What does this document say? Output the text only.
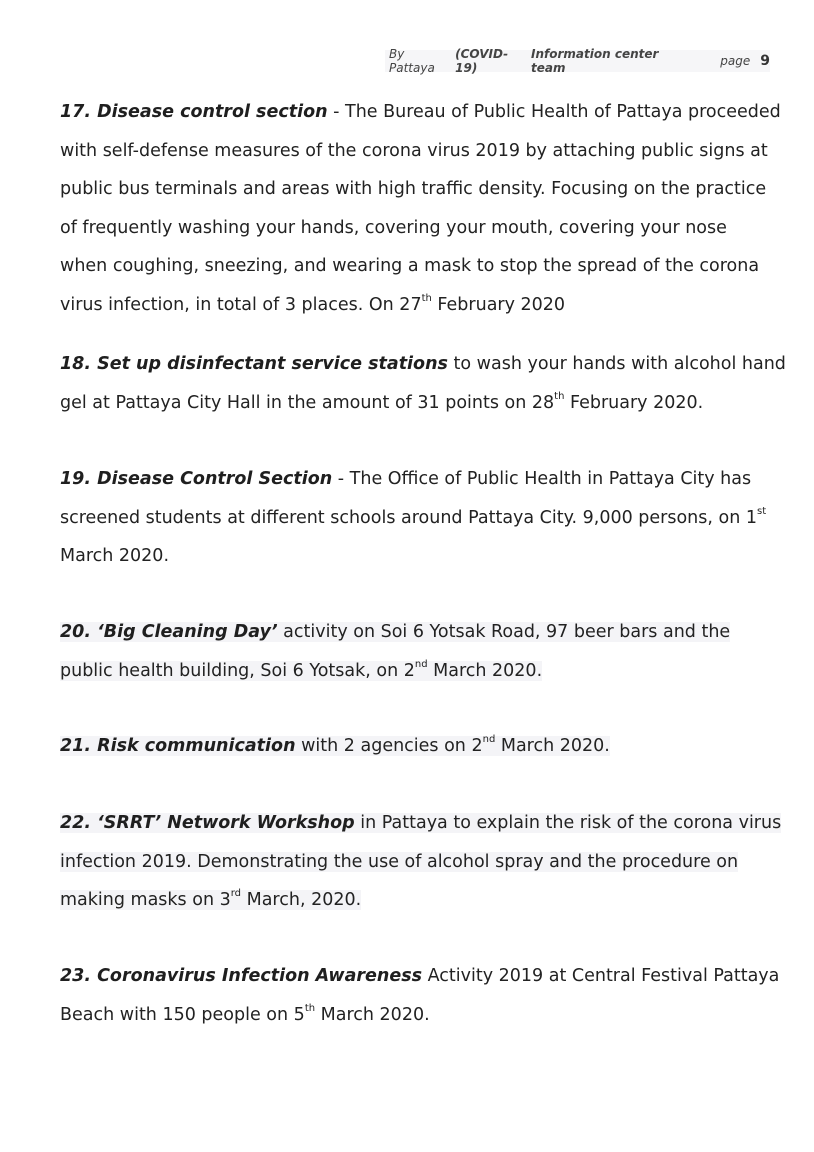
By Pattaya

(COVID-19)

Information center team	page 9

17. Disease control section - The Bureau of Public Health of Pattaya proceeded
with self-defense measures of the corona virus 2019 by attaching public signs at
public bus terminals and areas with high traffic density. Focusing on the practice
of frequently washing your hands, covering your mouth, covering your nose
when coughing, sneezing, and wearing a mask to stop the spread of the corona
virus infection, in total of 3 places. On 27th February 2020

18. Set up disinfectant service stations to wash your hands with alcohol hand
gel at Pattaya City Hall in the amount of 31 points on 28th February 2020.

19. Disease Control Section - The Office of Public Health in Pattaya City has
screened students at different schools around Pattaya City. 9,000 persons, on 1st
March 2020.

20. ‘Big Cleaning Day’ activity on Soi 6 Yotsak Road, 97 beer bars and the
public health building, Soi 6 Yotsak, on 2nd March 2020.

21. Risk communication with 2 agencies on 2nd March 2020.

22. ‘SRRT’ Network Workshop in Pattaya to explain the risk of the corona virus
infection 2019. Demonstrating the use of alcohol spray and the procedure on
making masks on 3rd March, 2020.

23. Coronavirus Infection Awareness Activity 2019 at Central Festival Pattaya
Beach with 150 people on 5th March 2020.
